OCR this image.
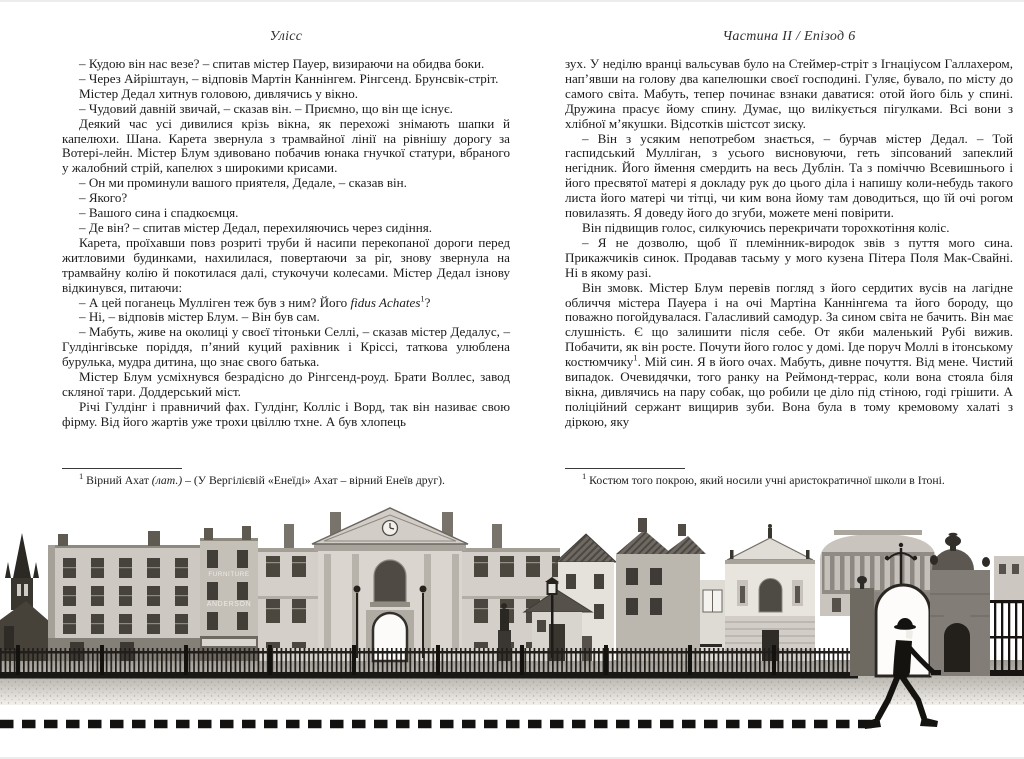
Улісс	Частина II / Епізод 6

– Кудою він нас везе? – спитав містер Пауер, визираючи на обидва боки.

– Через Айріштаун, – відповів Мартін Каннінгем. Рінгсенд. Брунсвік-стріт.

Містер Дедал хитнув головою, дивлячись у вікно.

– Чудовий давній звичай, – сказав він. – Приємно, що він ще існує.

Деякий час усі дивилися крізь вікна, як перехожі знімають шапки й капелюхи. Шана. Карета звернула з трамвайної лінії на рівнішу дорогу за Вотері-лейн. Містер Блум здивовано побачив юнака гнучкої статури, вбраного у жалобний стрій, капелюх з широкими крисами.

– Он ми проминули вашого приятеля, Дедале, – сказав він.

– Якого?

– Вашого сина і спадкоємця.

– Де він? – спитав містер Дедал, перехиляючись через сидіння.

Карета, проїхавши повз розриті труби й насипи перекопаної дороги перед житловими будинками, нахилилася, повертаючи за ріг, знову звернула на трамвайну колію й покотилася далі, стукочучи колесами. Містер Дедал ізнову відкинувся, питаючи:

– А цей поганець Мулліген теж був з ним? Його fidus Achates$^1$?

– Ні, – відповів містер Блум. – Він був сам.

– Мабуть, живе на околиці у своєї тітоньки Селлі, – сказав містер Дедалус, – Гулдінгівське поріддя, п’яний куций рахівник і Кріссі, таткова улюблена бурулька, мудра дитина, що знає свого батька.

Містер Блум усміхнувся безрадісно до Рінгсенд-роуд. Брати Воллес, завод скляної тари. Доддерський міст.

Річі Гулдінг і правничий фах. Гулдінг, Колліс і Ворд, так він називає свою фірму. Від його жартів уже трохи цвіллю тхне. А був хлопець

зух. У неділю вранці вальсував було на Стеймер-стріт з Ігнаціусом Галлахером, нап’явши на голову два капелюшки своєї господині. Гуляє, бувало, по місту до самого світа. Мабуть, тепер починає взнаки даватися: отой його біль у спині. Дружина прасує йому спину. Думає, що вилікується пігулками. Всі вони з хлібної м’якушки. Відсотків шістсот зиску.

– Він з усяким непотребом знається, – бурчав містер Дедал. – Той гаспидський Мулліган, з усього висновуючи, геть зіпсований запеклий негідник. Його ймення смердить на весь Дублін. Та з поміччю Всевишнього і його пресвятої матері я докладу рук до цього діла і напишу коли-небудь такого листа його матері чи тітці, чи ким вона йому там доводиться, що їй очі рогом повилазять. Я доведу його до згуби, можете мені повірити.

Він підвищив голос, силкуючись перекричати торохкотіння коліс.

– Я не дозволю, щоб її племінник-виродок звів з пуття мого сина. Прикажчиків синок. Продавав тасьму у мого кузена Пітера Поля Мак-Свайні. Ні в якому разі.

Він змовк. Містер Блум перевів погляд з його сердитих вусів на лагідне обличчя містера Пауера і на очі Мартіна Каннінгема та його бороду, що поважно погойдувалася. Галасливий самодур. За сином світа не бачить. Він має слушність. Є що залишити після себе. От якби маленький Рубі вижив. Побачити, як він росте. Почути його голос у домі. Іде поруч Моллі в ітонському костюмчику$^1$. Мій син. Я в його очах. Мабуть, дивне почуття. Від мене. Чистий випадок. Очевидячки, того ранку на Реймонд-террас, коли вона стояла біля вікна, дивлячись на пару собак, що робили це діло під стіною, годі грішити. А поліційний сержант вищирив зуби. Вона була в тому кремовому халаті з діркою, яку

$^1$ Вірний Ахат (лат.) – (У Вергілієвій «Енеїді» Ахат – вірний Енеїв друг).	$^1$ Костюм того покрою, який носили учні аристократичної школи в Ітоні.

FURNITURE
ANDERSON
